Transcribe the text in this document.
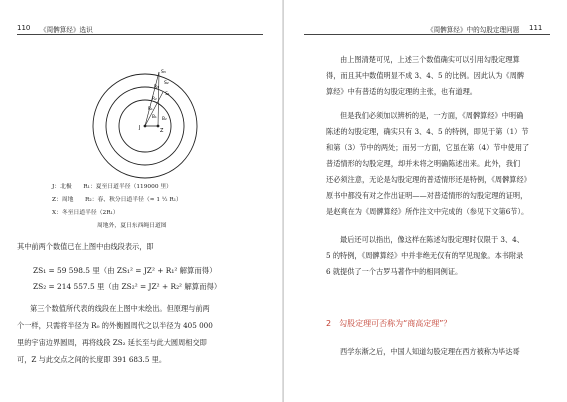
110 《周髀算经》选识
J	Z
S₃
S₂
S₁
R₁
R₂
R₃
B₁ B₂
J：北极　　R₁：夏至日道半径（119000 里）
Z：周地　　R₂：春、秋分日道半径（≈ 1 ½ R₁）
X：冬至日道半径（2R₁）
周地外，夏日东西绳日道图
其中前两个数值已在上图中由线段表示，即
ZS₁ = 59 598.5 里（由 ZS₁² = JZ² + R₁² 解算而得）
ZS₂ = 214 557.5 里（由 ZS₂² = JZ² + R₂² 解算而得）
第三个数值所代表的线段在上图中未绘出。但原理与前两
个一样，只需将半径为 R₀ 的外衡圆周代之以半径为 405 000
里的宇宙边界圆周，再将线段 ZS₂ 延长至与此大圆周相交即
可，Z 与此交点之间的长度即 391 683.5 里。
《周髀算经》中的勾股定理问题 111
由上图清楚可见，上述三个数值确实可以引用勾股定理算
得，而且其中数值明显不成 3、4、5 的比例。因此认为《周髀
算经》中有普适的勾股定理的主张，也有道理。
但是我们必须加以辨析的是，一方面，《周髀算经》中明确
陈述的勾股定理，确实只有 3、4、5 的特例，即见于第（1）节
和第（3）节中的两处；而另一方面，它虽在第（4）节中使用了
普适情形的勾股定理，却并未将之明确陈述出来。此外，我们
还必须注意，无论是勾股定理的普适情形还是特例，《周髀算经》
原书中都没有对之作出证明——对普适情形的勾股定理的证明，
是赵爽在为《周髀算经》所作注文中完成的（参见下文第6节）。
最后还可以指出，像这样在陈述勾股定理时仅限于 3、4、
5 的特例，《周髀算经》中并非绝无仅有的罕见现象。本书附录
6 就提供了一个古罗马著作中的相同例证。
2　勾股定理可否称为“商高定理”？
西学东渐之后，中国人知道勾股定理在西方被称为毕达哥
